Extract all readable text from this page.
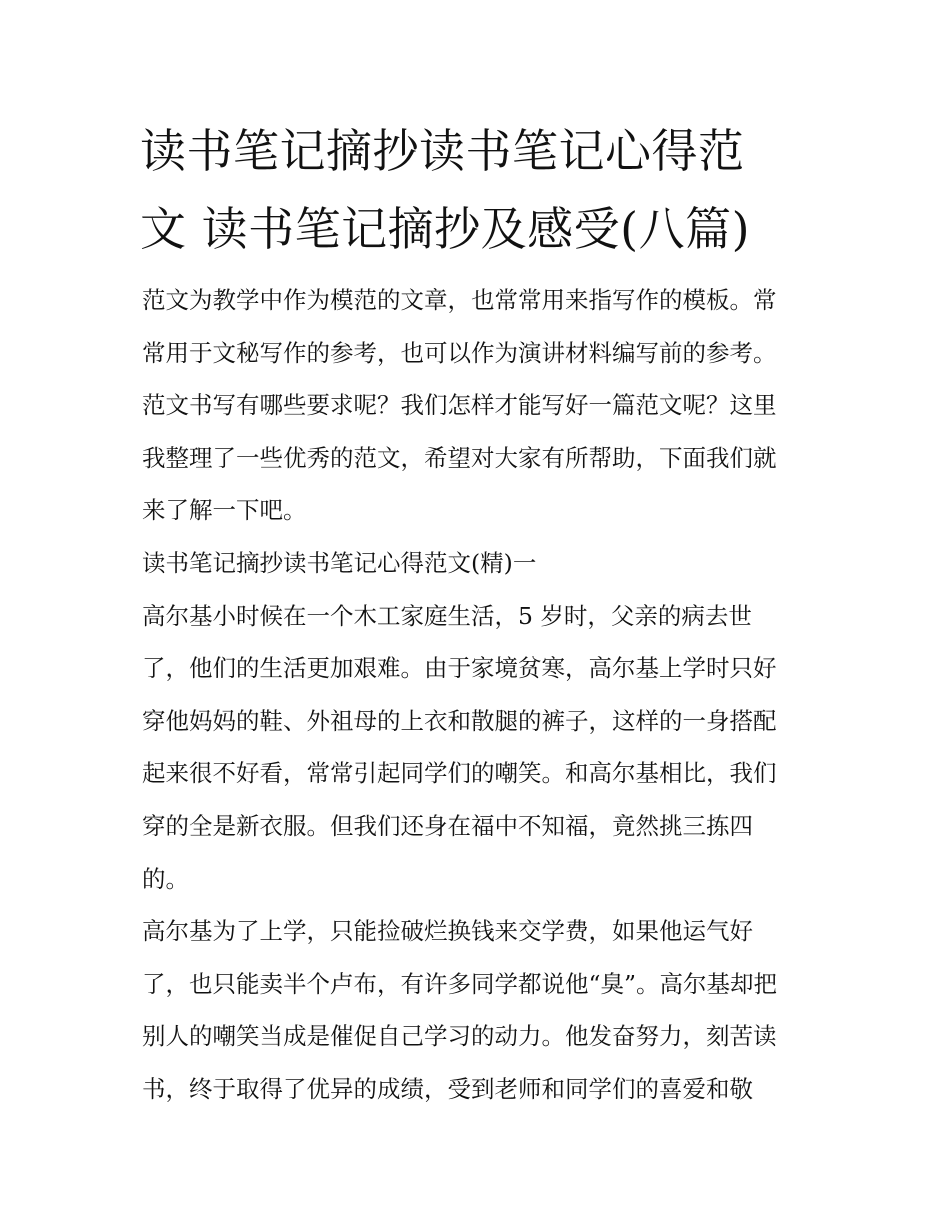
读书笔记摘抄读书笔记心得范
文 读书笔记摘抄及感受(八篇)
范文为教学中作为模范的文章，也常常用来指写作的模板。常
常用于文秘写作的参考，也可以作为演讲材料编写前的参考。
范文书写有哪些要求呢？我们怎样才能写好一篇范文呢？这里
我整理了一些优秀的范文，希望对大家有所帮助，下面我们就
来了解一下吧。
读书笔记摘抄读书笔记心得范文(精)一
高尔基小时候在一个木工家庭生活，5 岁时，父亲的病去世
了，他们的生活更加艰难。由于家境贫寒，高尔基上学时只好
穿他妈妈的鞋、外祖母的上衣和散腿的裤子，这样的一身搭配
起来很不好看，常常引起同学们的嘲笑。和高尔基相比，我们
穿的全是新衣服。但我们还身在福中不知福，竟然挑三拣四
的。
高尔基为了上学，只能捡破烂换钱来交学费，如果他运气好
了，也只能卖半个卢布，有许多同学都说他“臭”。高尔基却把
别人的嘲笑当成是催促自己学习的动力。他发奋努力，刻苦读
书，终于取得了优异的成绩，受到老师和同学们的喜爱和敬
